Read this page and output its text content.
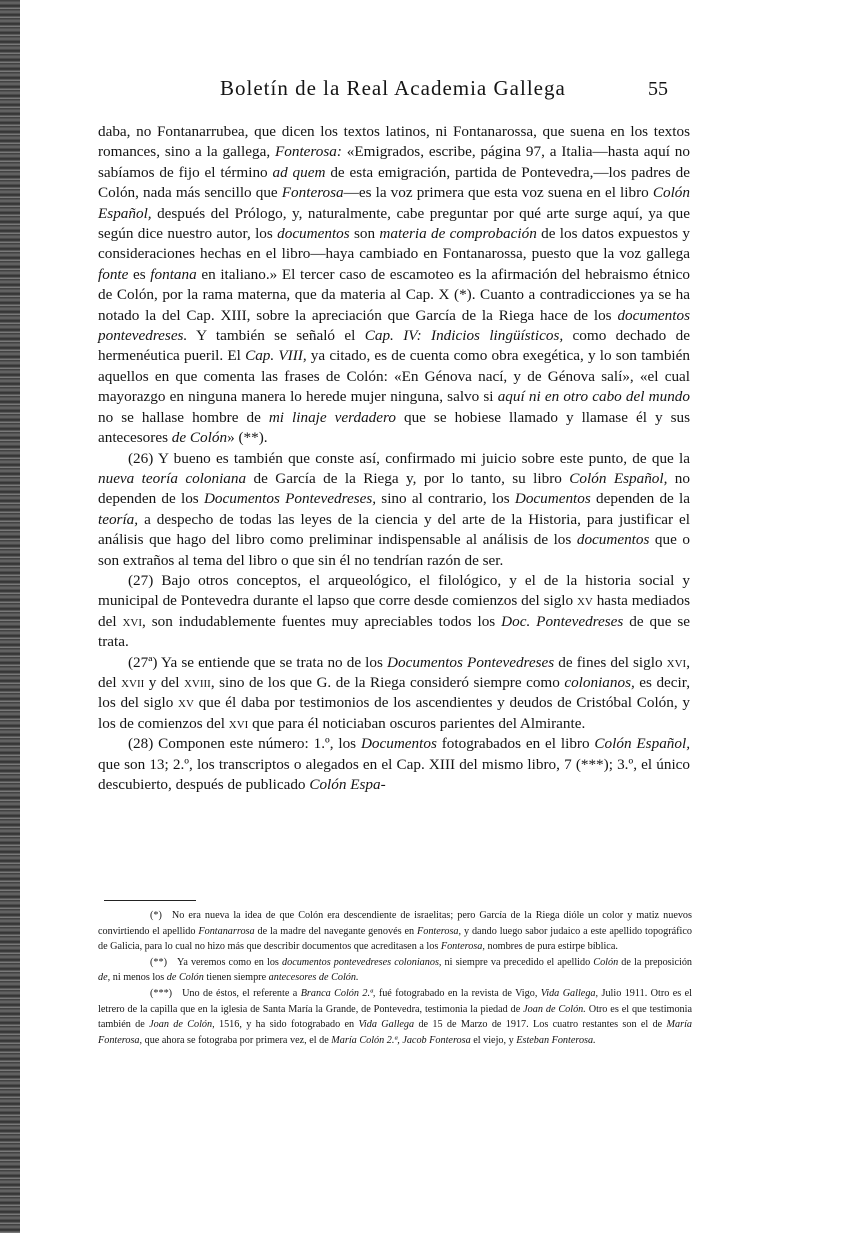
Boletín de la Real Academia Gallega	55

daba, no Fontanarrubea, que dicen los textos latinos, ni Fontanarossa, que suena en los textos romances, sino a la gallega, Fonterosa: «Emigrados, escribe, página 97, a Italia—hasta aquí no sabíamos de fijo el término ad quem de esta emigración, partida de Pontevedra,—los padres de Colón, nada más sencillo que Fonterosa—es la voz primera que esta voz suena en el libro Colón Español, después del Prólogo, y, naturalmente, cabe preguntar por qué arte surge aquí, ya que según dice nuestro autor, los documentos son materia de comprobación de los datos expuestos y consideraciones hechas en el libro—haya cambiado en Fontanarossa, puesto que la voz gallega fonte es fontana en italiano.» El tercer caso de escamoteo es la afirmación del hebraismo étnico de Colón, por la rama materna, que da materia al Cap. X (*). Cuanto a contradicciones ya se ha notado la del Cap. XIII, sobre la apreciación que García de la Riega hace de los documentos pontevedreses. Y también se señaló el Cap. IV: Indicios lingüísticos, como dechado de hermenéutica pueril. El Cap. VIII, ya citado, es de cuenta como obra exegética, y lo son también aquellos en que comenta las frases de Colón: «En Génova nací, y de Génova salí», «el cual mayorazgo en ninguna manera lo herede mujer ninguna, salvo si aquí ni en otro cabo del mundo no se hallase hombre de mi linaje verdadero que se hobiese llamado y llamase él y sus antecesores de Colón» (**).

(26) Y bueno es también que conste así, confirmado mi juicio sobre este punto, de que la nueva teoría coloniana de García de la Riega y, por lo tanto, su libro Colón Español, no dependen de los Documentos Pontevedreses, sino al contrario, los Documentos dependen de la teoría, a despecho de todas las leyes de la ciencia y del arte de la Historia, para justificar el análisis que hago del libro como preliminar indispensable al análisis de los documentos que o son extraños al tema del libro o que sin él no tendrían razón de ser.

(27) Bajo otros conceptos, el arqueológico, el filológico, y el de la historia social y municipal de Pontevedra durante el lapso que corre desde comienzos del siglo xv hasta mediados del xvi, son indudablemente fuentes muy apreciables todos los Doc. Pontevedreses de que se trata.

(27ª) Ya se entiende que se trata no de los Documentos Pontevedreses de fines del siglo xvi, del xvii y del xviii, sino de los que G. de la Riega consideró siempre como colonianos, es decir, los del siglo xv que él daba por testimonios de los ascendientes y deudos de Cristóbal Colón, y los de comienzos del xvi que para él noticiaban oscuros parientes del Almirante.

(28) Componen este número: 1.º, los Documentos fotograbados en el libro Colón Español, que son 13; 2.º, los transcriptos o alegados en el Cap. XIII del mismo libro, 7 (***); 3.º, el único descubierto, después de publicado Colón Espa-

(*) No era nueva la idea de que Colón era descendiente de israelitas; pero García de la Riega dióle un color y matiz nuevos convirtiendo el apellido Fontanarrosa de la madre del navegante genovés en Fonterosa, y dando luego sabor judaico a este apellido topográfico de Galicia, para lo cual no hizo más que describir documentos que acreditasen a los Fonterosa, nombres de pura estirpe bíblica.

(**) Ya veremos como en los documentos pontevedreses colonianos, ni siempre va precedido el apellido Colón de la preposición de, ni menos los de Colón tienen siempre antecesores de Colón.

(***) Uno de éstos, el referente a Branca Colón 2.ª, fué fotograbado en la revista de Vigo, Vida Gallega, Julio 1911. Otro es el letrero de la capilla que en la iglesia de Santa María la Grande, de Pontevedra, testimonia la piedad de Joan de Colón. Otro es el que testimonia también de Joan de Colón, 1516, y ha sido fotograbado en Vida Gallega de 15 de Marzo de 1917. Los cuatro restantes son el de María Fonterosa, que ahora se fotograba por primera vez, el de María Colón 2.ª, Jacob Fonterosa el viejo, y Esteban Fonterosa.
